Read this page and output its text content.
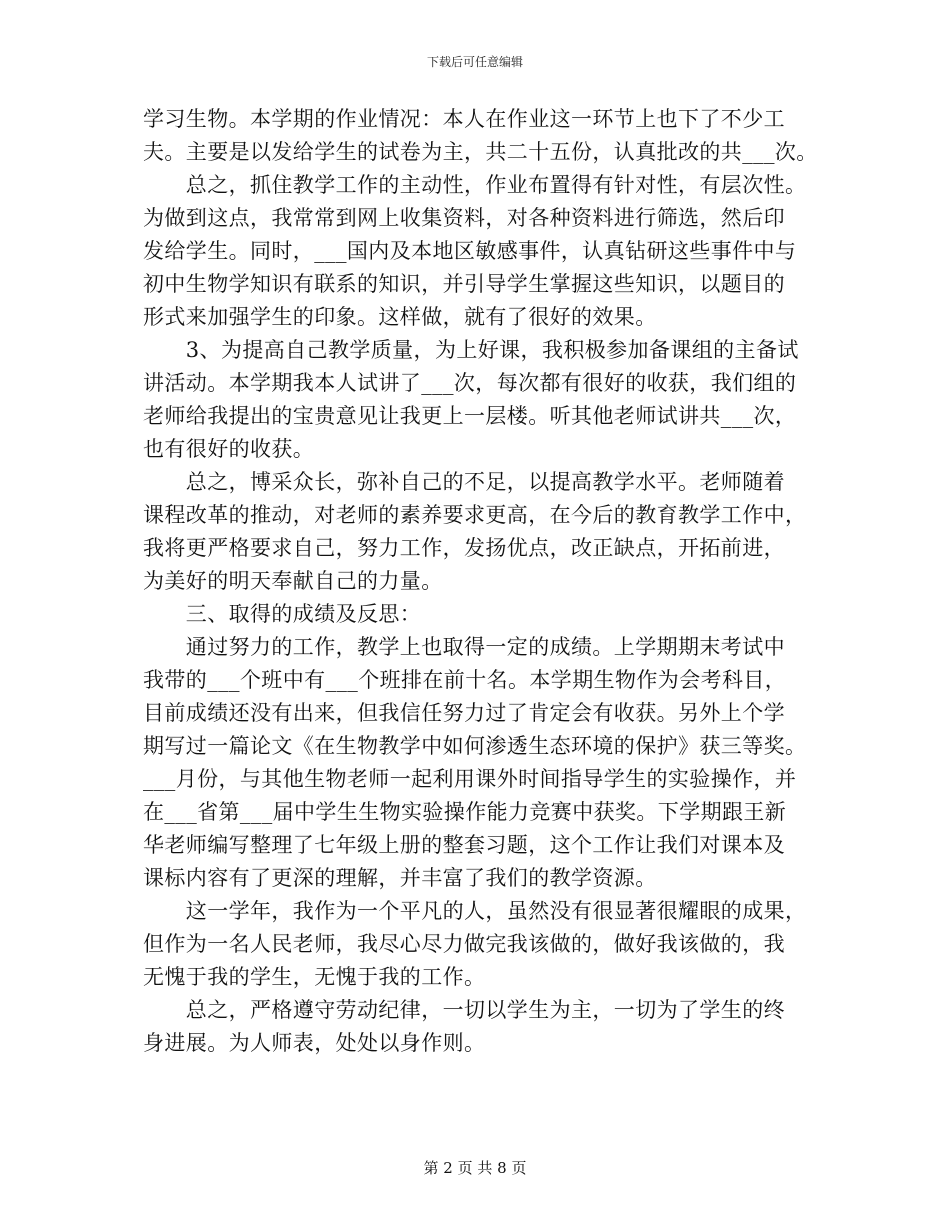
下载后可任意编辑
学习生物。本学期的作业情况：本人在作业这一环节上也下了不少工
夫。主要是以发给学生的试卷为主，共二十五份，认真批改的共___次。
　　总之，抓住教学工作的主动性，作业布置得有针对性，有层次性。
为做到这点，我常常到网上收集资料，对各种资料进行筛选，然后印
发给学生。同时，___国内及本地区敏感事件，认真钻研这些事件中与
初中生物学知识有联系的知识，并引导学生掌握这些知识，以题目的
形式来加强学生的印象。这样做，就有了很好的效果。
　　3、为提高自己教学质量，为上好课，我积极参加备课组的主备试
讲活动。本学期我本人试讲了___次，每次都有很好的收获，我们组的
老师给我提出的宝贵意见让我更上一层楼。听其他老师试讲共___次，
也有很好的收获。
　　总之，博采众长，弥补自己的不足，以提高教学水平。老师随着
课程改革的推动，对老师的素养要求更高，在今后的教育教学工作中，
我将更严格要求自己，努力工作，发扬优点，改正缺点，开拓前进，
为美好的明天奉献自己的力量。
　　三、取得的成绩及反思：
　　通过努力的工作，教学上也取得一定的成绩。上学期期末考试中
我带的___个班中有___个班排在前十名。本学期生物作为会考科目，
目前成绩还没有出来，但我信任努力过了肯定会有收获。另外上个学
期写过一篇论文《在生物教学中如何渗透生态环境的保护》获三等奖。
___月份，与其他生物老师一起利用课外时间指导学生的实验操作，并
在___省第___届中学生生物实验操作能力竞赛中获奖。下学期跟王新
华老师编写整理了七年级上册的整套习题，这个工作让我们对课本及
课标内容有了更深的理解，并丰富了我们的教学资源。
　　这一学年，我作为一个平凡的人，虽然没有很显著很耀眼的成果，
但作为一名人民老师，我尽心尽力做完我该做的，做好我该做的，我
无愧于我的学生，无愧于我的工作。
　　总之，严格遵守劳动纪律，一切以学生为主，一切为了学生的终
身进展。为人师表，处处以身作则。
第 2 页 共 8 页
